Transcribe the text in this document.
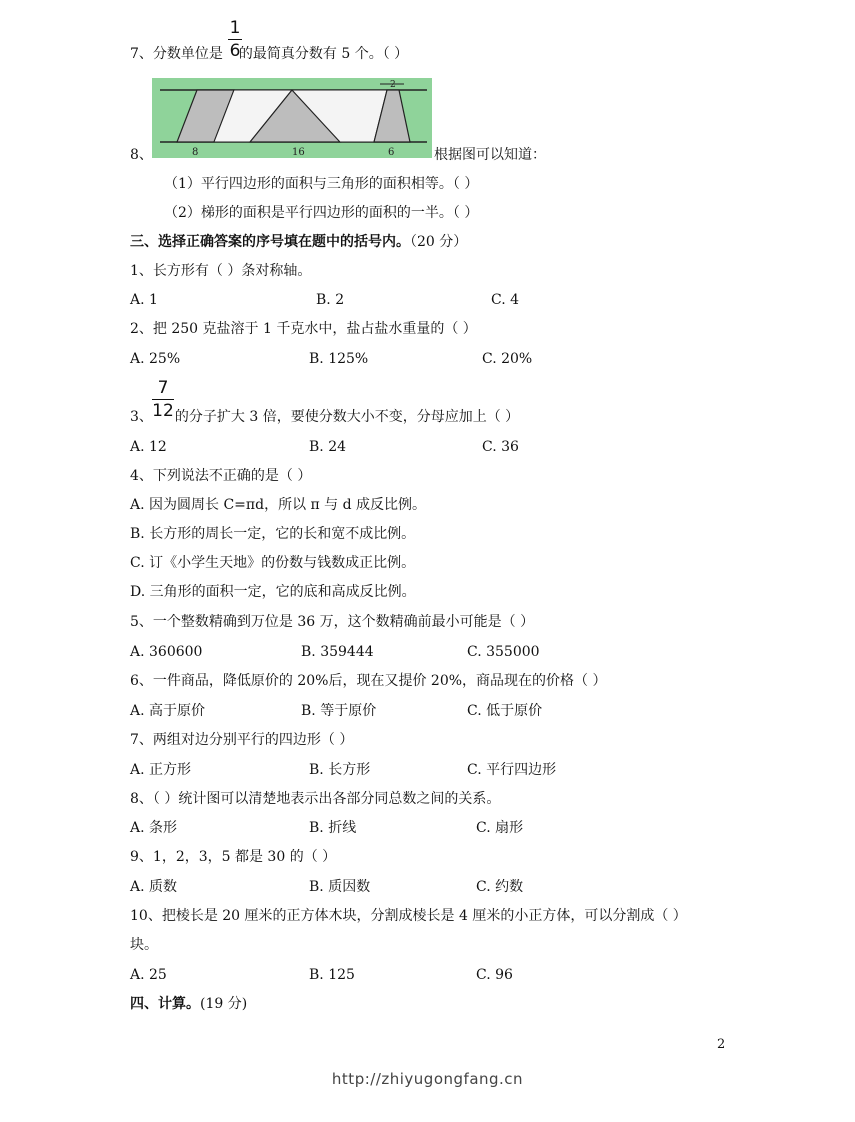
1
6
7、分数单位是 的最简真分数有 5 个。（ ）
8	16	6
2
8、	根据图可以知道：
（1）平行四边形的面积与三角形的面积相等。（ ）
（2）梯形的面积是平行四边形的面积的一半。（ ）
三、选择正确答案的序号填在题中的括号内。（20 分）
1、长方形有（ ）条对称轴。
A. 1	B. 2	C. 4
2、把 250 克盐溶于 1 千克水中，盐占盐水重量的（ ）
A. 25%	B. 125%	C. 20%
7
12
3、 的分子扩大 3 倍，要使分数大小不变，分母应加上（ ）
A. 12	B. 24	C. 36
4、下列说法不正确的是（ ）
A. 因为圆周长 C=πd，所以 π 与 d 成反比例。
B. 长方形的周长一定，它的长和宽不成比例。
C. 订《小学生天地》的份数与钱数成正比例。
D. 三角形的面积一定，它的底和高成反比例。
5、一个整数精确到万位是 36 万，这个数精确前最小可能是（ ）
A. 360600	B. 359444	C. 355000
6、一件商品，降低原价的 20%后，现在又提价 20%，商品现在的价格（ ）
A. 高于原价	B. 等于原价	C. 低于原价
7、两组对边分别平行的四边形（ ）
A. 正方形	B. 长方形	C. 平行四边形
8、（ ）统计图可以清楚地表示出各部分同总数之间的关系。
A. 条形	B. 折线	C. 扇形
9、1，2，3，5 都是 30 的（ ）
A. 质数	B. 质因数	C. 约数
10、把棱长是 20 厘米的正方体木块，分割成棱长是 4 厘米的小正方体，可以分割成（ ）
块。
A. 25	B. 125	C. 96
四、计算。(19 分)
2
http://zhiyugongfang.cn
